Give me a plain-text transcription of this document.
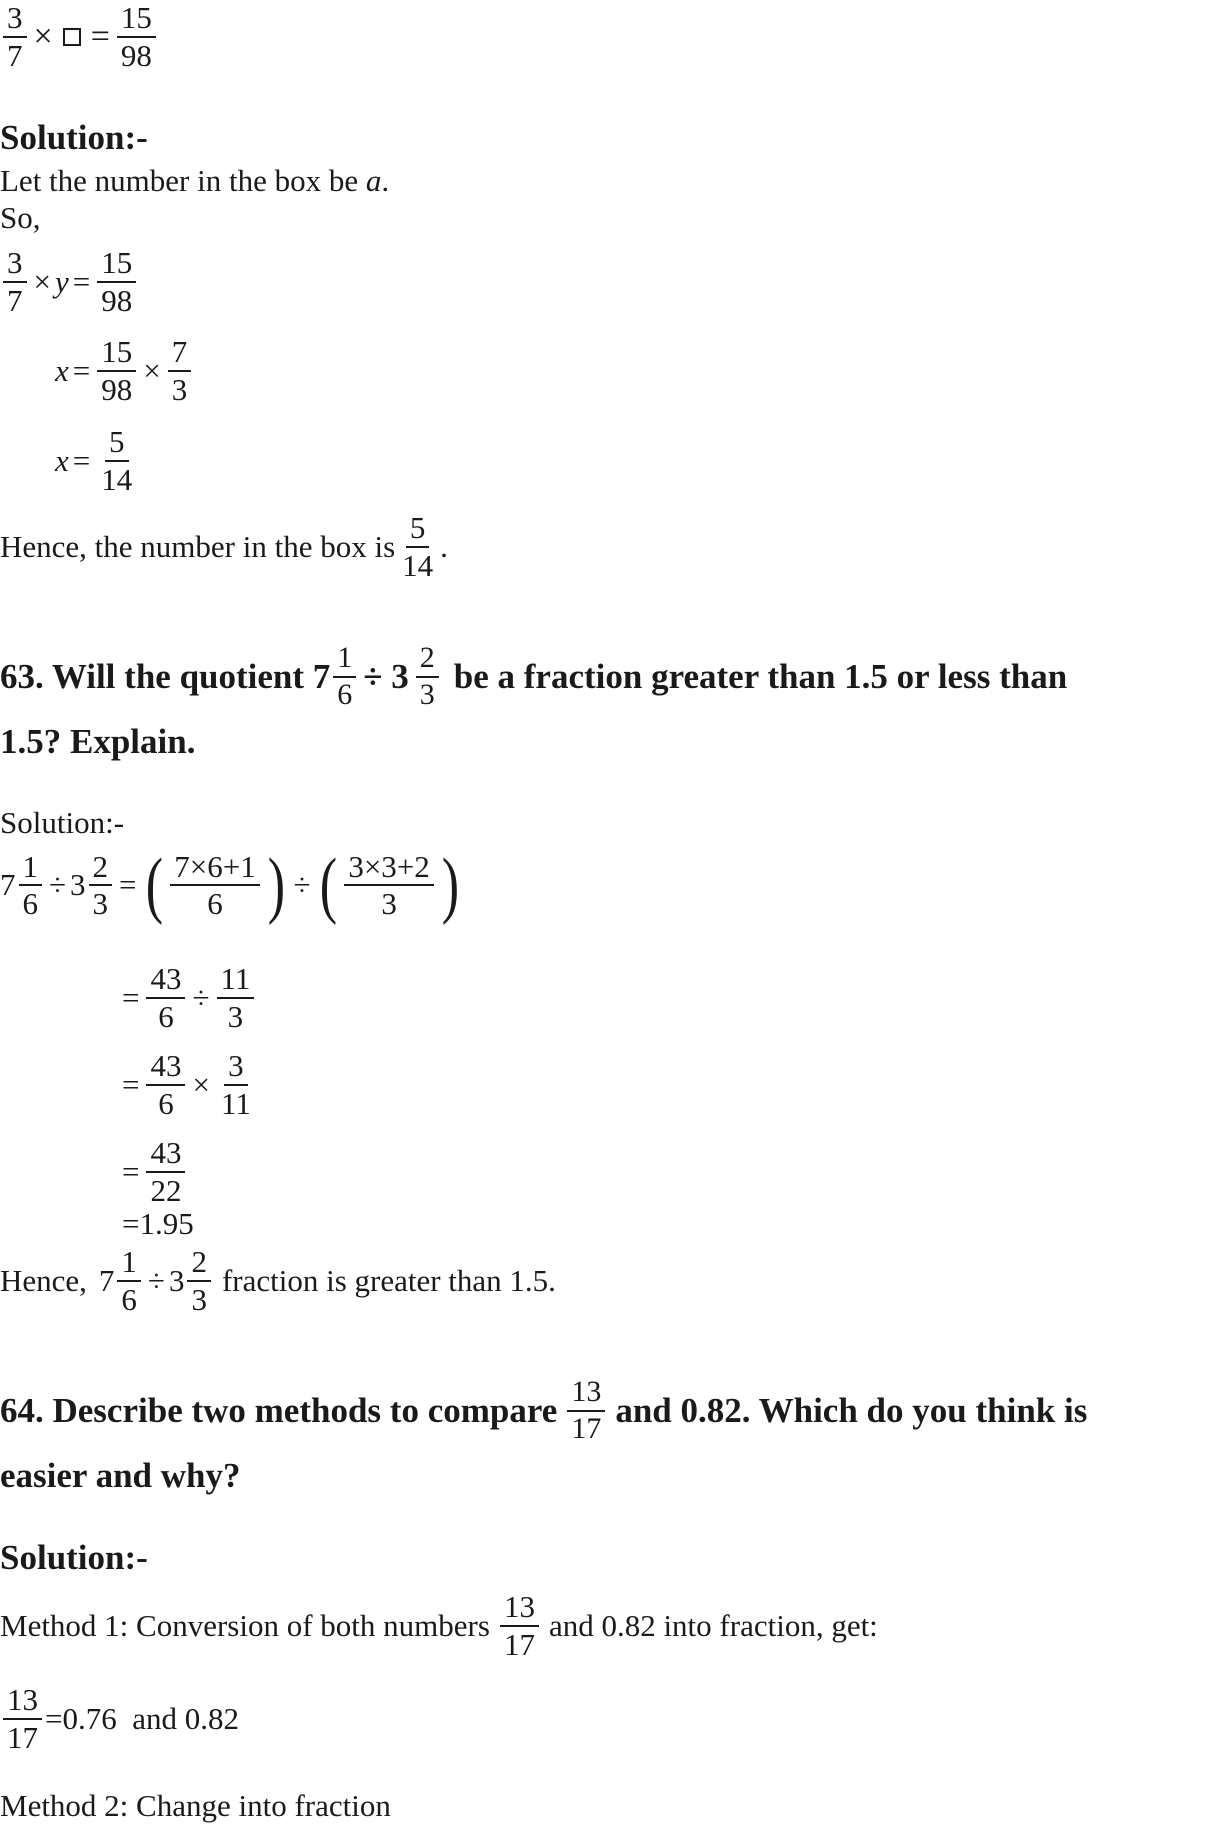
$\frac{3}{7}$ × = $\frac{15}{98}$
Solution:-
Let the number in the box be a.
So,
$\frac{3}{7} \times y = \frac{15}{98}$
$x = \frac{15}{98} \times \frac{7}{3}$
$x = \frac{5}{14}$
Hence, the number in the box is $\frac{5}{14}$ .
63. Will the quotient $7 \frac{1}{6} \div 3 \frac{2}{3}$ be a fraction greater than 1.5 or less than
1.5? Explain.
Solution:-
$7 \frac{1}{6} \div 3 \frac{2}{3}$ = ( $\frac{7\times 6+1}{6}$ ) ÷ ( $\frac{3\times 3+2}{3}$ )
= $\frac{43}{6} \div \frac{11}{3}$
= $\frac{43}{6} \times \frac{3}{11}$
= $\frac{43}{22}$
=1.95
Hence, $7 \frac{1}{6} \div 3 \frac{2}{3}$ fraction is greater than 1.5.
64. Describe two methods to compare $\frac{13}{17}$ and 0.82. Which do you think is
easier and why?
Solution:-
Method 1: Conversion of both numbers $\frac{13}{17}$ and 0.82 into fraction, get:
$\frac{13}{17} =0.76$  and 0.82
Method 2: Change into fraction
